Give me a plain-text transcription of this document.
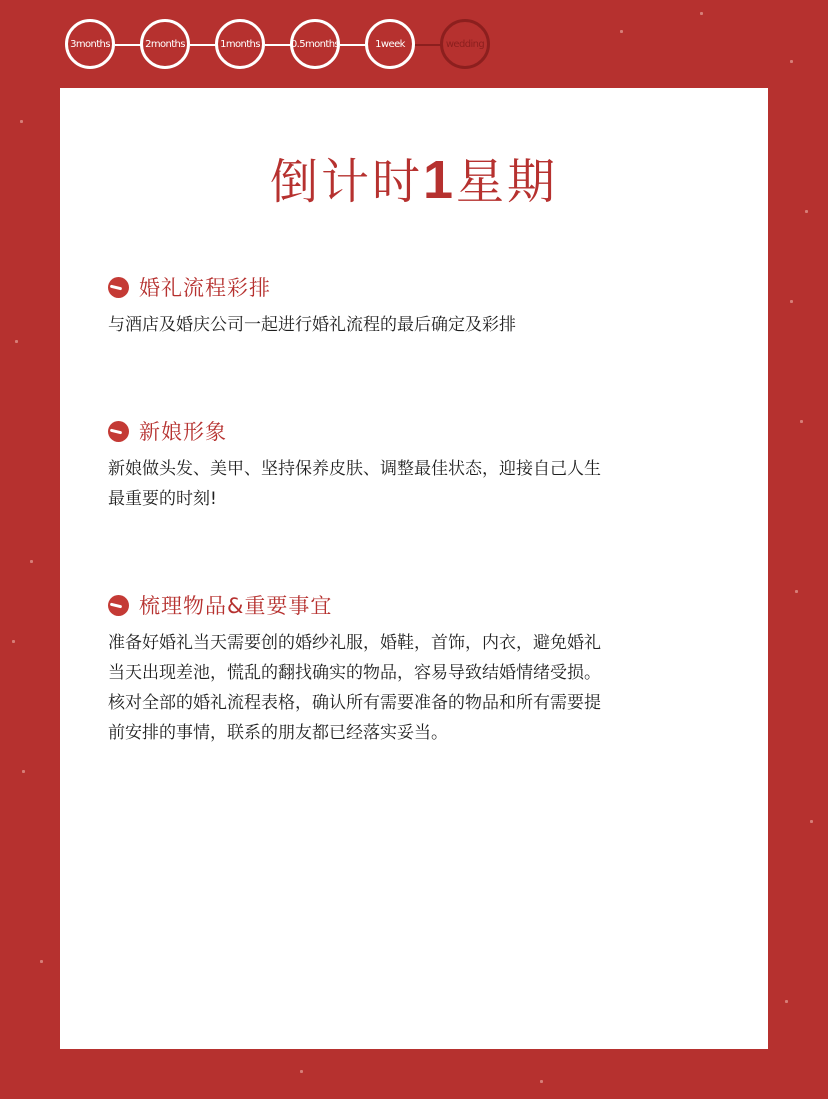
3months	2months	1months	0.5months	1week	wedding
倒计时1星期
婚礼流程彩排
与酒店及婚庆公司一起进行婚礼流程的最后确定及彩排
新娘形象
新娘做头发、美甲、坚持保养皮肤、调整最佳状态，迎接自己人生
最重要的时刻!
梳理物品&重要事宜
准备好婚礼当天需要创的婚纱礼服，婚鞋，首饰，内衣，避免婚礼
当天出现差池，慌乱的翻找确实的物品，容易导致结婚情绪受损。
核对全部的婚礼流程表格，确认所有需要准备的物品和所有需要提
前安排的事情，联系的朋友都已经落实妥当。
